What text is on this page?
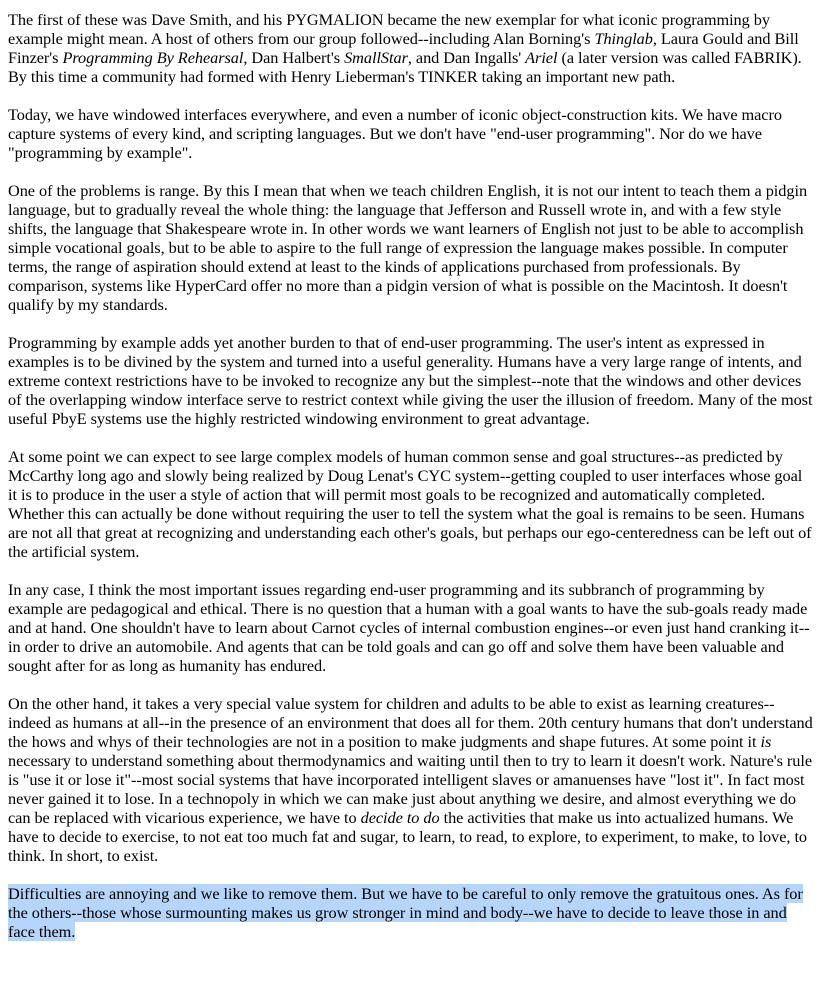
The first of these was Dave Smith, and his PYGMALION became the new exemplar for what iconic programming by example might mean. A host of others from our group followed--including Alan Borning's Thinglab, Laura Gould and Bill Finzer's Programming By Rehearsal, Dan Halbert's SmallStar, and Dan Ingalls' Ariel (a later version was called FABRIK). By this time a community had formed with Henry Lieberman's TINKER taking an important new path.

Today, we have windowed interfaces everywhere, and even a number of iconic object-construction kits. We have macro capture systems of every kind, and scripting languages. But we don't have "end-user programming". Nor do we have "programming by example".

One of the problems is range. By this I mean that when we teach children English, it is not our intent to teach them a pidgin language, but to gradually reveal the whole thing: the language that Jefferson and Russell wrote in, and with a few style shifts, the language that Shakespeare wrote in. In other words we want learners of English not just to be able to accomplish simple vocational goals, but to be able to aspire to the full range of expression the language makes possible. In computer terms, the range of aspiration should extend at least to the kinds of applications purchased from professionals. By comparison, systems like HyperCard offer no more than a pidgin version of what is possible on the Macintosh. It doesn't qualify by my standards.

Programming by example adds yet another burden to that of end-user programming. The user's intent as expressed in examples is to be divined by the system and turned into a useful generality. Humans have a very large range of intents, and extreme context restrictions have to be invoked to recognize any but the simplest--note that the windows and other devices of the overlapping window interface serve to restrict context while giving the user the illusion of freedom. Many of the most useful PbyE systems use the highly restricted windowing environment to great advantage.

At some point we can expect to see large complex models of human common sense and goal structures--as predicted by McCarthy long ago and slowly being realized by Doug Lenat's CYC system--getting coupled to user interfaces whose goal it is to produce in the user a style of action that will permit most goals to be recognized and automatically completed. Whether this can actually be done without requiring the user to tell the system what the goal is remains to be seen. Humans are not all that great at recognizing and understanding each other's goals, but perhaps our ego-centeredness can be left out of the artificial system.

In any case, I think the most important issues regarding end-user programming and its subbranch of programming by example are pedagogical and ethical. There is no question that a human with a goal wants to have the sub-goals ready made and at hand. One shouldn't have to learn about Carnot cycles of internal combustion engines--or even just hand cranking it--in order to drive an automobile. And agents that can be told goals and can go off and solve them have been valuable and sought after for as long as humanity has endured.

On the other hand, it takes a very special value system for children and adults to be able to exist as learning creatures--indeed as humans at all--in the presence of an environment that does all for them. 20th century humans that don't understand the hows and whys of their technologies are not in a position to make judgments and shape futures. At some point it is necessary to understand something about thermodynamics and waiting until then to try to learn it doesn't work. Nature's rule is "use it or lose it"--most social systems that have incorporated intelligent slaves or amanuenses have "lost it". In fact most never gained it to lose. In a technopoly in which we can make just about anything we desire, and almost everything we do can be replaced with vicarious experience, we have to decide to do the activities that make us into actualized humans. We have to decide to exercise, to not eat too much fat and sugar, to learn, to read, to explore, to experiment, to make, to love, to think. In short, to exist.

Difficulties are annoying and we like to remove them. But we have to be careful to only remove the gratuitous ones. As for the others--those whose surmounting makes us grow stronger in mind and body--we have to decide to leave those in and face them.
